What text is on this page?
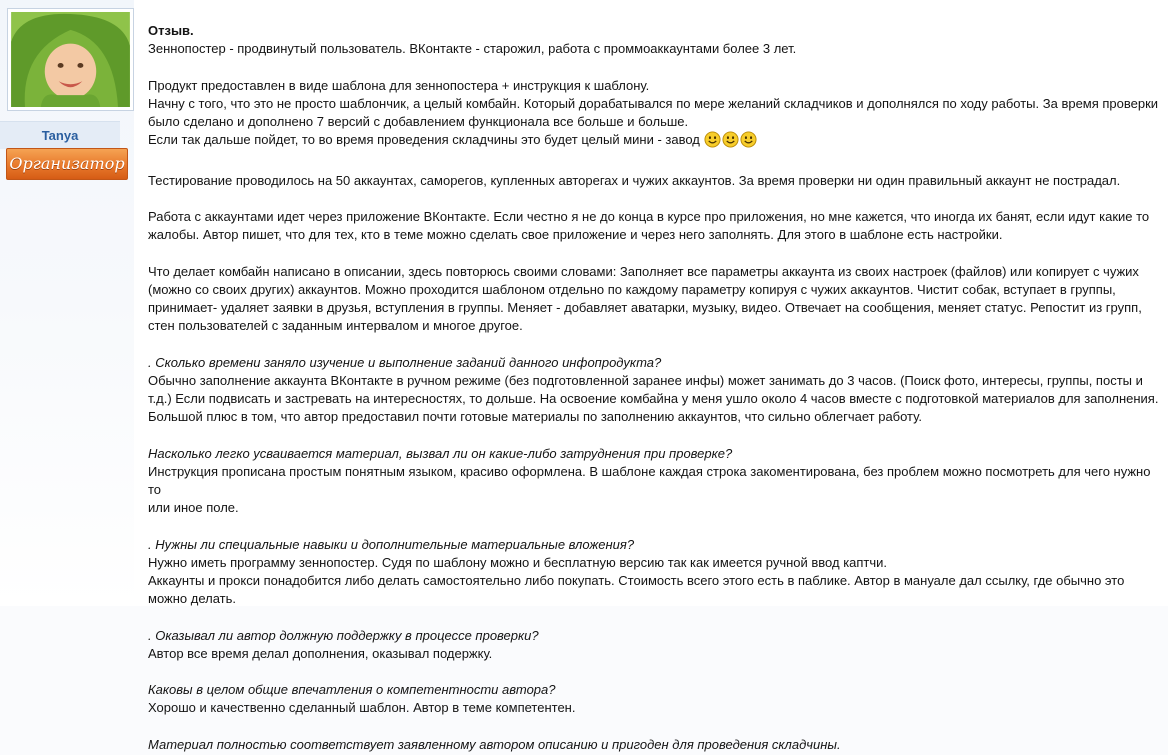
Tanya
Организатор
Отзыв.
Зеннопостер - продвинутый пользователь. ВКонтакте - старожил, работа с проммоаккаунтами более 3 лет.
Продукт предоставлен в виде шаблона для зеннопостера + инструкция к шаблону.
Начну с того, что это не просто шаблончик, а целый комбайн. Который дорабатывался по мере желаний складчиков и дополнялся по ходу работы. За время проверки
было сделано и дополнено 7 версий с добавлением функционала все больше и больше.
Если так дальше пойдет, то во время проведения складчины это будет целый мини - завод
Тестирование проводилось на 50 аккаунтах, саморегов, купленных авторегах и чужих аккаунтов. За время проверки ни один правильный аккаунт не пострадал.
Работа с аккаунтами идет через приложение ВКонтакте. Если честно я не до конца в курсе про приложения, но мне кажется, что иногда их банят, если идут какие то
жалобы. Автор пишет, что для тех, кто в теме можно сделать свое приложение и через него заполнять. Для этого в шаблоне есть настройки.
Что делает комбайн написано в описании, здесь повторюсь своими словами: Заполняет все параметры аккаунта из своих настроек (файлов) или копирует с чужих
(можно со своих других) аккаунтов. Можно проходится шаблоном отдельно по каждому параметру копируя с чужих аккаунтов. Чистит собак, вступает в группы,
принимает- удаляет заявки в друзья, вступления в группы. Меняет - добавляет аватарки, музыку, видео. Отвечает на сообщения, меняет статус. Репостит из групп,
стен пользователей с заданным интервалом и многое другое.
. Сколько времени заняло изучение и выполнение заданий данного инфопродукта?
Обычно заполнение аккаунта ВКонтакте в ручном режиме (без подготовленной заранее инфы) может занимать до 3 часов. (Поиск фото, интересы, группы, посты и
т.д.) Если подвисать и застревать на интересностях, то дольше. На освоение комбайна у меня ушло около 4 часов вместе с подготовкой материалов для заполнения.
Большой плюс в том, что автор предоставил почти готовые материалы по заполнению аккаунтов, что сильно облегчает работу.
Насколько легко усваивается материал, вызвал ли он какие-либо затруднения при проверке?
Инструкция прописана простым понятным языком, красиво оформлена. В шаблоне каждая строка закоментирована, без проблем можно посмотреть для чего нужно то
или иное поле.
. Нужны ли специальные навыки и дополнительные материальные вложения?
Нужно иметь программу зеннопостер. Судя по шаблону можно и бесплатную версию так как имеется ручной ввод каптчи.
Аккаунты и прокси понадобится либо делать самостоятельно либо покупать. Стоимость всего этого есть в паблике. Автор в мануале дал ссылку, где обычно это
можно делать.
. Оказывал ли автор должную поддержку в процессе проверки?
Автор все время делал дополнения, оказывал подержку.
Каковы в целом общие впечатления о компетентности автора?
Хорошо и качественно сделанный шаблон. Автор в теме компетентен.
Материал полностью соответствует заявленному автором описанию и пригоден для проведения складчины.
